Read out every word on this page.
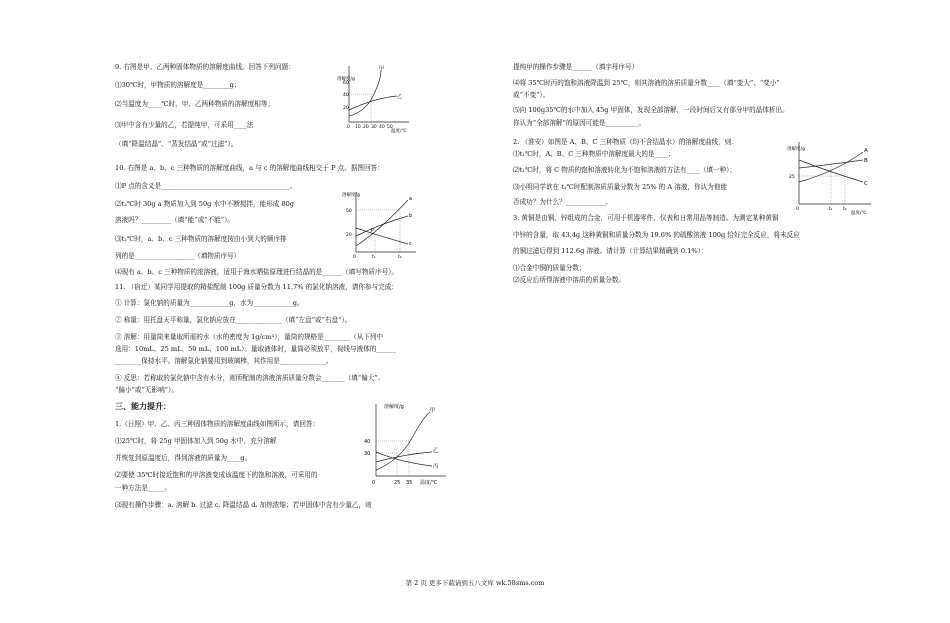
9. 右图是甲、乙两种固体物质的溶解度曲线。回答下列问题：

⑴30℃时，甲物质的溶解度是________g；

⑵当温度为____℃时，甲、乙两种物质的溶解度相等；

⑶甲中含有少量的乙，若提纯甲，可采用____法

（填“降温结晶”、“蒸发结晶”或“过滤”）。

10. 右图是 a、b、c 三种物质的溶解度曲线，a 与 c 的溶解度曲线相交于 P 点。据图回答：

⑴P 点的含义是_______________________________________。

⑵t₂℃时 30g a 物质加入到 50g 水中不断搅拌，能形成 80g

溶液吗？_________（填“能”或“不能”）。

⑶t₂℃时，a、b、c 三种物质的溶解度按由小到大的顺序排

列的是__________________（填物质序号）

⑷现有 a、b、c 三种物质的浓溶液，适用于海水晒盐原理进行结晶的是______（填写物质序号）。

11. （宿迁）某同学用提取的精盐配制 100g 质量分数为 11.7% 的氯化钠溶液，请你参与完成：

① 计算：氯化钠的质量为____________g，水为____________g。

② 称量：用托盘天平称量，氯化钠应放在______________（填“左盘”或“右盘”）。

③ 溶解：用量筒来量取所需的水（水的密度为 1g/cm³），量筒的规格是________（从下列中

选用：10mL、25 mL、50 mL、100 mL）。量取液体时，量筒必须放平，视线与液体的______

________保持水平。溶解氯化钠要用到玻璃棒，其作用是______________。

④ 反思：若称取的氯化钠中含有水分，则所配制的溶液溶质质量分数会_______（填“偏大”、

“偏小”或“无影响”）。

三、能力提升：

1.（日照）甲、乙、丙三种固体物质的溶解度曲线如图所示，请回答：

⑴25℃时，将 25g 甲固体加入到 50g 水中，充分溶解

并恢复到原温度后，得到溶液的质量为____g。

⑵要使 35℃时接近饱和的甲溶液变成该温度下的饱和溶液，可采用的

一种方法是_____。

⑶现有操作步骤：a. 溶解 b. 过滤 c. 降温结晶 d. 加热浓缩；若甲固体中含有少量乙，则

提纯甲的操作步骤是______（填字母序号）

⑷将 35℃时丙的饱和溶液降温到 25℃，则其溶液的溶质质量分数____（填“变大”、“变小”

或“不变”）。

⑸向 100g35℃的水中加入 45g 甲固体，发现全部溶解，一段时间后又有部分甲的晶体析出。

你认为“全部溶解”的原因可能是__________。

2. （淮安）如图是 A、B、C 三种物质（均不含结晶水）的溶解度曲线，则：

⑴t₁℃时，A、B、C 三种物质中溶解度最大的是____；

⑵t₁℃时，将 C 物质的饱和溶液转化为不饱和溶液的方法有____（填一种）；

⑶小明同学欲在 t₁℃时配制溶质质量分数为 25% 的 A 溶液，你认为他能

否成功？为什么？____________。

3. 黄铜是由铜、锌组成的合金，可用于机器零件、仪表和日常用品等制造。为测定某种黄铜

中锌的含量，取 43.4g 这种黄铜和质量分数为 19.6% 的硫酸溶液 100g 恰好完全反应，将未反应

的铜过滤后得到 112.6g 溶液。请计算（计算结果精确到 0.1%）：

⑴合金中铜的质量分数；

⑵反应后所得溶液中溶质的质量分数。

溶解度/g
60
40
20
0 10 20 30 40 50
温度/℃
甲
乙
溶解度/g
50
20
0	t₁	t₂
a
b
c
P
溶解度/g
40
30
0	25 35 温度/℃
甲
乙
丙
溶解度/g
25
0	t₁ t₂
温度/℃
A
B
C
第 2 页 更多下载请到五八文库 wk.58sms.com
